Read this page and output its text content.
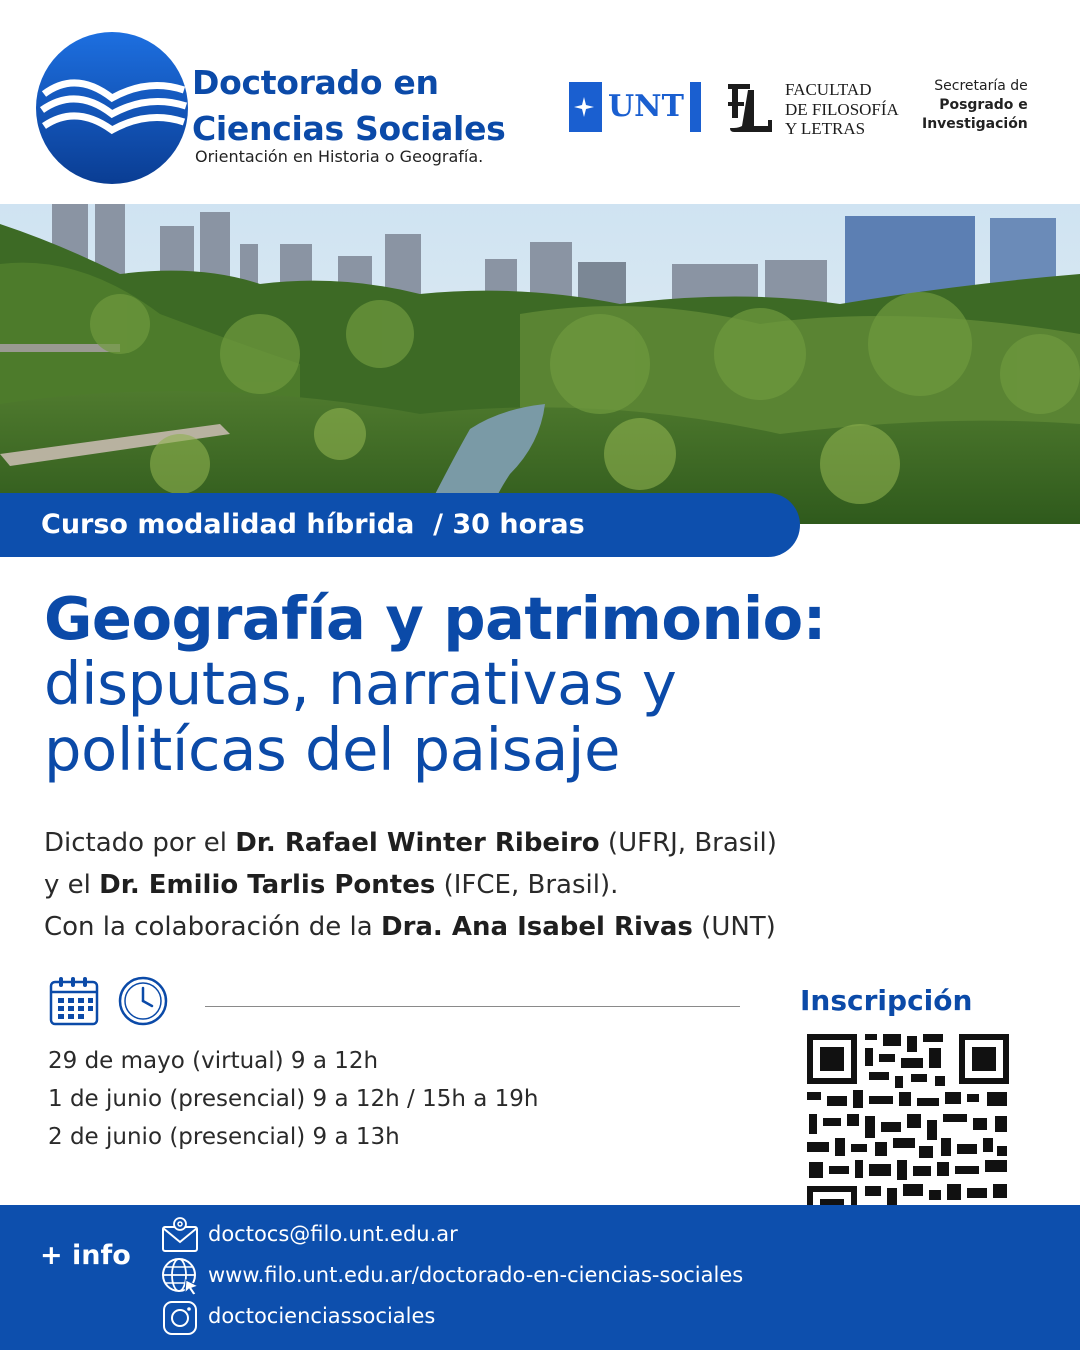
Doctorado en
Ciencias Sociales
Orientación en Historia o Geografía.
UNT	FACULTAD
DE FILOSOFÍA
Y LETRAS
Secretaría de
Posgrado e
Investigación
Curso modalidad híbrida  / 30 horas
Geografía y patrimonio:
disputas, narrativas y
politícas del paisaje
Dictado por el Dr. Rafael Winter Ribeiro (UFRJ, Brasil)
y el Dr. Emilio Tarlis Pontes (IFCE, Brasil).
Con la colaboración de la Dra. Ana Isabel Rivas (UNT)
29 de mayo (virtual) 9 a 12h
1 de junio (presencial) 9 a 12h / 15h a 19h
2 de junio (presencial) 9 a 13h
Inscripción
+ info
doctocs@filo.unt.edu.ar
www.filo.unt.edu.ar/doctorado-en-ciencias-sociales
doctocienciassociales
